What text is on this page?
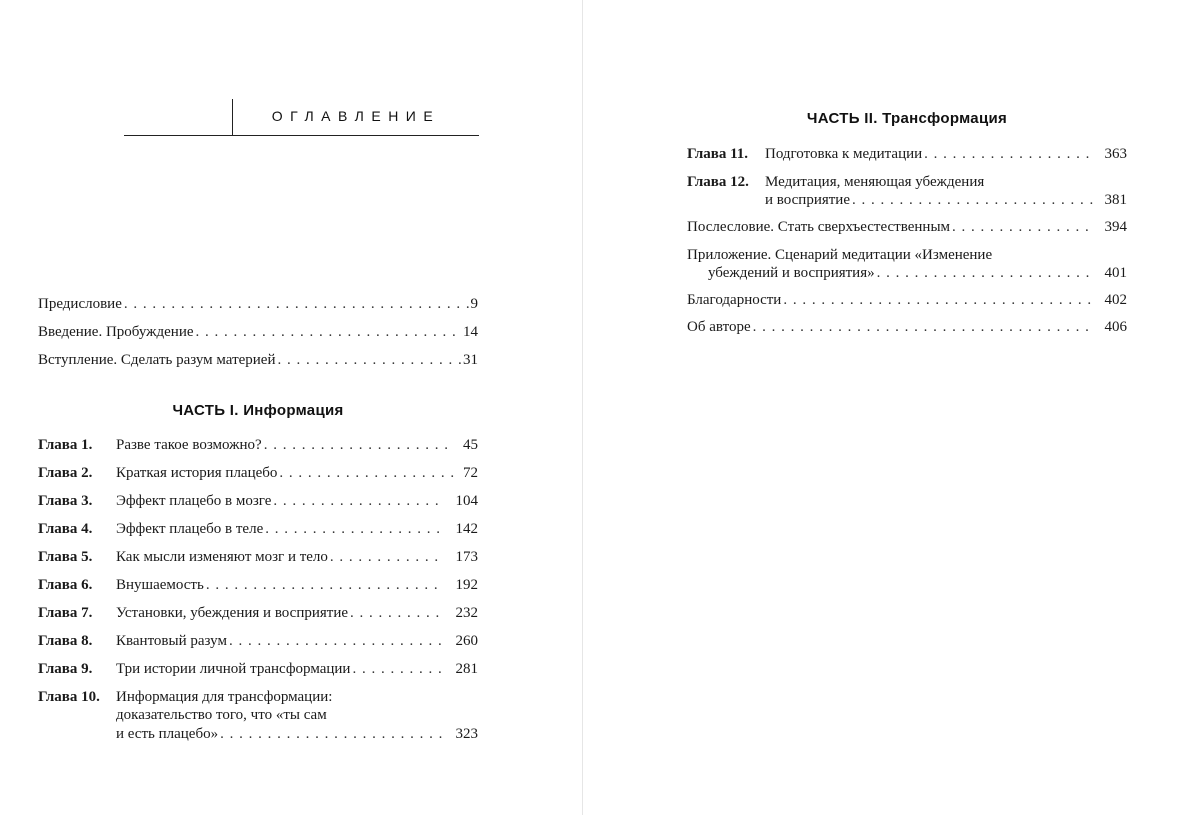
ОГЛАВЛЕНИЕ
Предисловие . . .	9
Введение. Пробуждение . . .	14
Вступление. Сделать разум материей . . .	31
ЧАСТЬ I. Информация
Глава 1.	Разве такое возможно? . . .	45
Глава 2.	Краткая история плацебо . . .	72
Глава 3.	Эффект плацебо в мозге . . .	104
Глава 4.	Эффект плацебо в теле . . .	142
Глава 5.	Как мысли изменяют мозг и тело . . .	173
Глава 6.	Внушаемость . . .	192
Глава 7.	Установки, убеждения и восприятие . . .	232
Глава 8.	Квантовый разум . . .	260
Глава 9.	Три истории личной трансформации . . .	281
Глава 10. Информация для трансформации:
доказательство того, что «ты сам
и есть плацебо» . . .	323
ЧАСТЬ II. Трансформация
Глава 11.	Подготовка к медитации . . .	363
Глава 12. Медитация, меняющая убеждения
и восприятие . . .	381
Послесловие. Стать сверхъестественным . . .	394
Приложение. Сценарий медитации «Изменение
убеждений и восприятия» . . .	401
Благодарности . . .	402
Об авторе . . .	406
